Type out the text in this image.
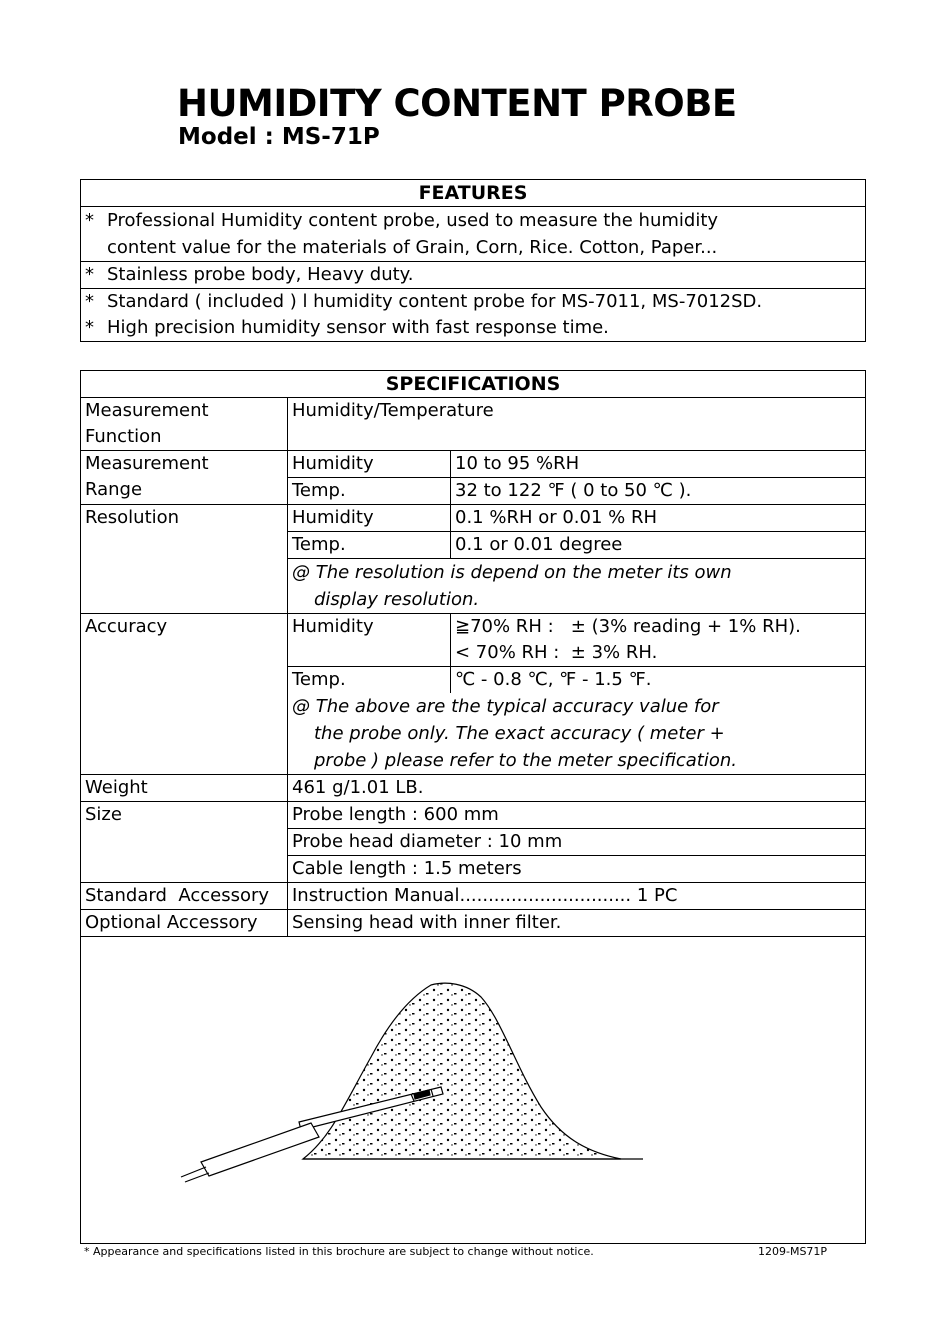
HUMIDITY CONTENT PROBE
Model : MS-71P
FEATURES

* Professional Humidity content probe, used to measure the humidity
content value for the materials of Grain, Corn, Rice. Cotton, Paper...

* Stainless probe body, Heavy duty.

* Standard ( included ) l humidity content probe for MS-7011, MS-7012SD.

* High precision humidity sensor with fast response time.
SPECIFICATIONS		

Measurement Function	Humidity/Temperature	

Measurement Range	Humidity	10 to 95 %RH
	Temp.	32 to 122 ℉ ( 0 to 50 ℃ ).
Resolution	Humidity	0.1 %RH or 0.01 % RH
	Temp.	0.1 or 0.01 degree

	@ The resolution is depend on the meter its own
display resolution.	

Accuracy	Humidity	≧70% RH :   ± (3% reading + 1% RH).
		< 70% RH :  ± 3% RH.
	Temp.	℃ - 0.8 ℃, ℉ - 1.5 ℉.

	@ The above are the typical accuracy value for
the probe only. The exact accuracy ( meter +
probe ) please refer to the meter specification.	

Weight	461 g/1.01 LB.	
Size	Probe length : 600 mm	
	Probe head diameter : 10 mm	
	Cable length : 1.5 meters	
Standard  Accessory	Instruction Manual.............................. 1 PC	
Optional Accessory	Sensing head with inner filter.	

* Appearance and specifications listed in this brochure are subject to change without notice.	1209-MS71P
